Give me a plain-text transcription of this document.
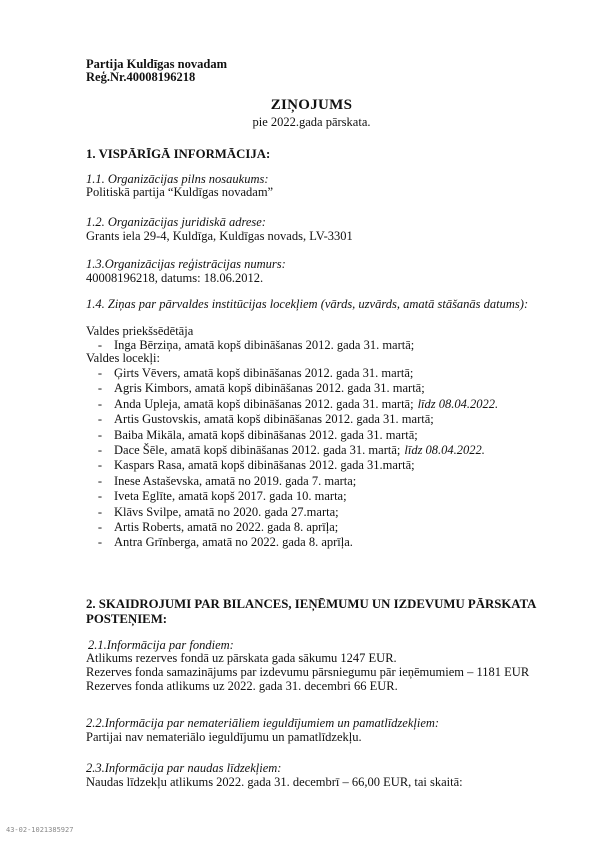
Partija Kuldīgas novadam
Reģ.Nr.40008196218
ZIŅOJUMS
pie 2022.gada pārskata.
1. VISPĀRĪGĀ INFORMĀCIJA:
1.1. Organizācijas pilns nosaukums:
Politiskā partija “Kuldīgas novadam”
1.2. Organizācijas juridiskā adrese:
Grants iela 29-4, Kuldīga, Kuldīgas novads, LV-3301
1.3.Organizācijas reģistrācijas numurs:
40008196218, datums: 18.06.2012.
1.4. Ziņas par pārvaldes institūcijas locekļiem (vārds, uzvārds, amatā stāšanās datums):
Valdes priekšsēdētāja
- Inga Bērziņa, amatā kopš dibināšanas 2012. gada 31. martā;
Valdes locekļi:
- Ģirts Vēvers, amatā kopš dibināšanas 2012. gada 31. martā;
- Agris Kimbors, amatā kopš dibināšanas 2012. gada 31. martā;
- Anda Upleja, amatā kopš dibināšanas 2012. gada 31. martā; līdz 08.04.2022.
- Artis Gustovskis, amatā kopš dibināšanas 2012. gada 31. martā;
- Baiba Mikāla, amatā kopš dibināšanas 2012. gada 31. martā;
- Dace Šēle, amatā kopš dibināšanas 2012. gada 31. martā; līdz 08.04.2022.
- Kaspars Rasa, amatā kopš dibināšanas 2012. gada 31.martā;
- Inese Astaševska, amatā no 2019. gada 7. marta;
- Iveta Eglīte, amatā kopš 2017. gada 10. marta;
- Klāvs Svilpe, amatā no 2020. gada 27.marta;
- Artis Roberts, amatā no 2022. gada 8. aprīļa;
- Antra Grīnberga, amatā no 2022. gada 8. aprīļa.
2. SKAIDROJUMI PAR BILANCES, IEŅĒMUMU UN IZDEVUMU PĀRSKATA
POSTEŅIEM:
2.1.Informācija par fondiem:
Atlikums rezerves fondā uz pārskata gada sākumu 1247 EUR.
Rezerves fonda samazinājums par izdevumu pārsniegumu pār ieņēmumiem – 1181 EUR
Rezerves fonda atlikums uz 2022. gada 31. decembri 66 EUR.
2.2.Informācija par nemateriāliem ieguldījumiem un pamatlīdzekļiem:
Partijai nav nemateriālo ieguldījumu un pamatlīdzekļu.
2.3.Informācija par naudas līdzekļiem:
Naudas līdzekļu atlikums 2022. gada 31. decembrī – 66,00 EUR, tai skaitā:
43-02-1021385927
